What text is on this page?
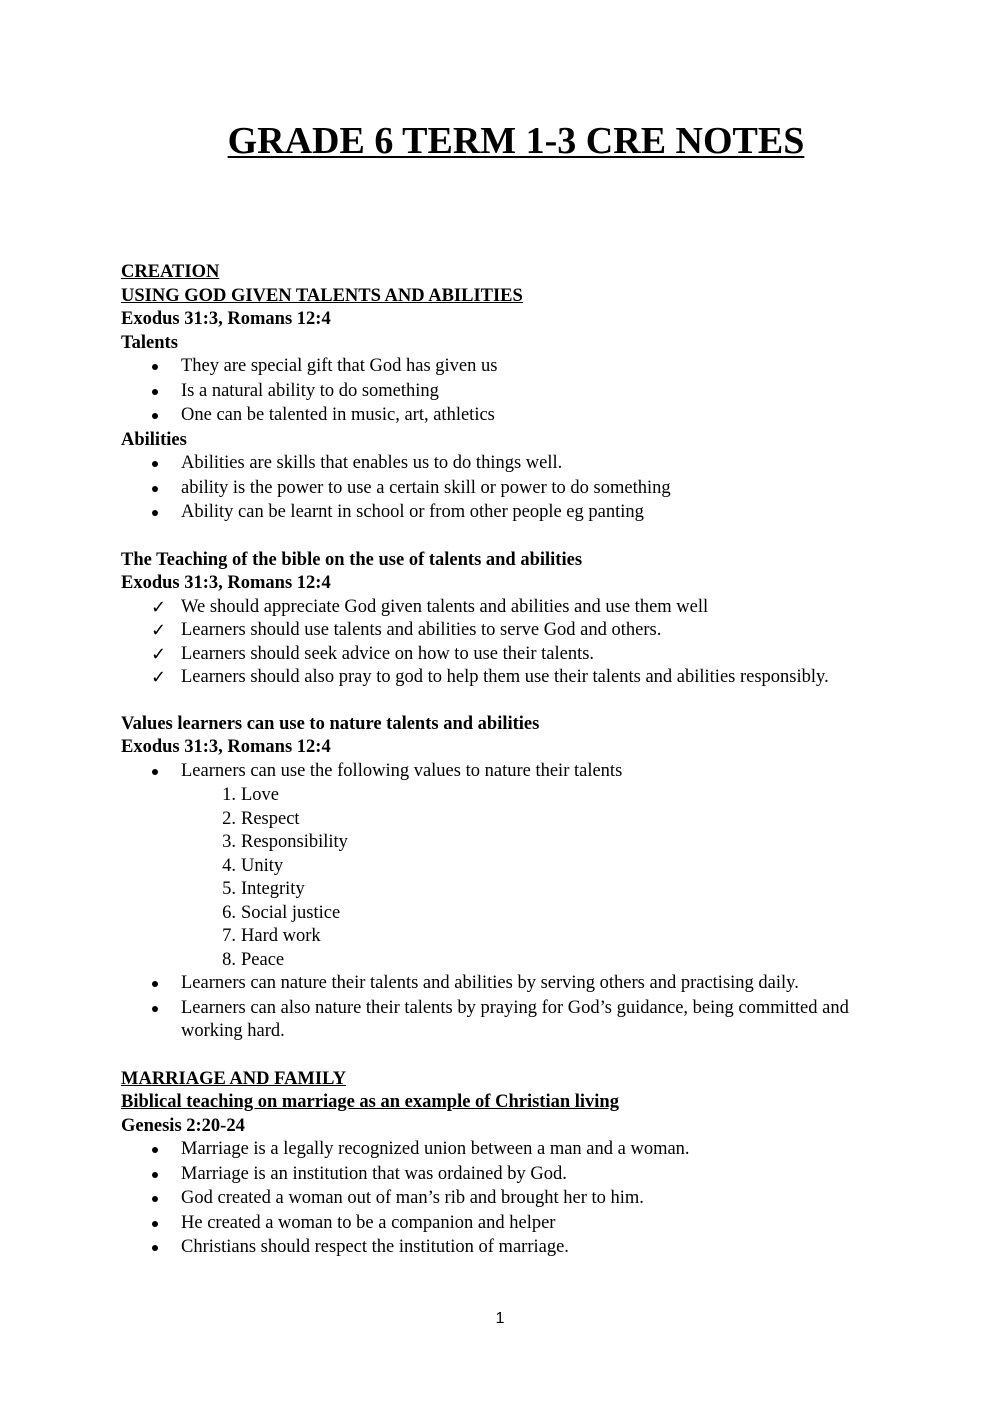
GRADE 6 TERM 1-3 CRE NOTES
CREATION
USING GOD GIVEN TALENTS AND ABILITIES
Exodus 31:3, Romans 12:4
Talents
They are special gift that God has given us
Is a natural ability to do something
One can be talented in music, art, athletics
Abilities
Abilities are skills that enables us to do things well.
ability is the power to use a certain skill or power to do something
Ability can be learnt in school or from other people eg panting
The Teaching of the bible on the use of talents and abilities
Exodus 31:3, Romans 12:4
✓ We should appreciate God given talents and abilities and use them well
✓ Learners should use talents and abilities to serve God and others.
✓ Learners should seek advice on how to use their talents.
✓ Learners should also pray to god to help them use their talents and abilities responsibly.
Values learners can use to nature talents and abilities
Exodus 31:3, Romans 12:4
Learners can use the following values to nature their talents
1. Love
2. Respect
3. Responsibility
4. Unity
5. Integrity
6. Social justice
7. Hard work
8. Peace
Learners can nature their talents and abilities by serving others and practising daily.
Learners can also nature their talents by praying for God’s guidance, being committed and working hard.
MARRIAGE AND FAMILY
Biblical teaching on marriage as an example of Christian living
Genesis 2:20-24
Marriage is a legally recognized union between a man and a woman.
Marriage is an institution that was ordained by God.
God created a woman out of man’s rib and brought her to him.
He created a woman to be a companion and helper
Christians should respect the institution of marriage.
1
